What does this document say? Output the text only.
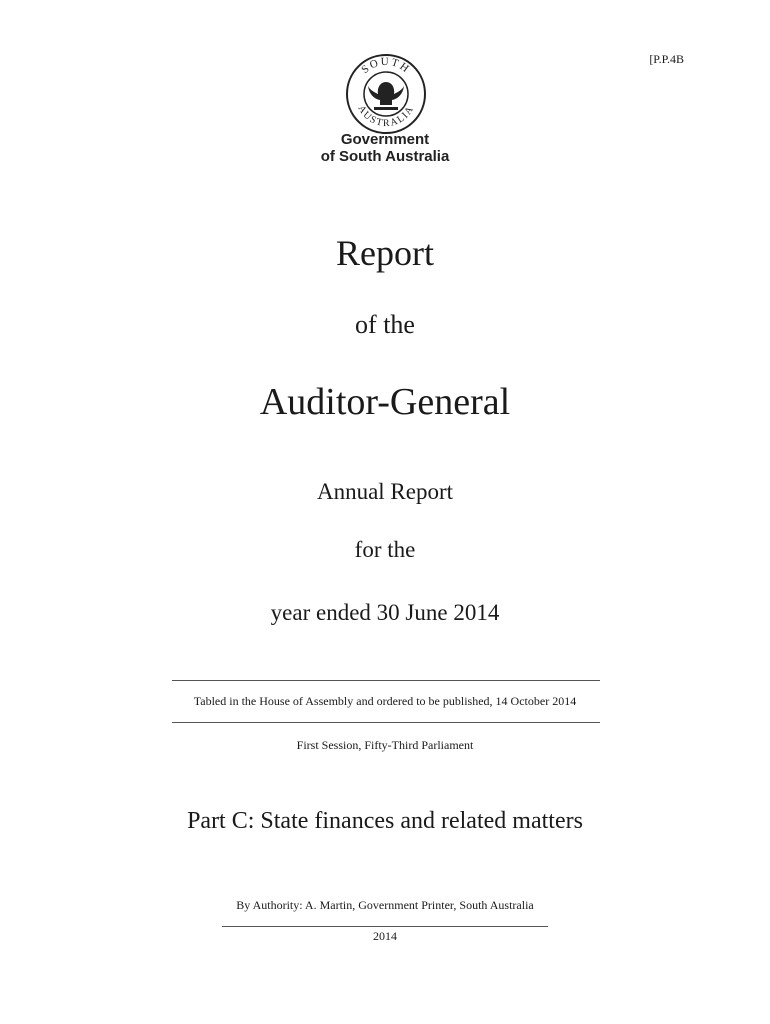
[P.P.4B
SOUTH
AUSTRALIA
Government
of South Australia
Report
of the
Auditor-General
Annual Report
for the
year ended 30 June 2014
Tabled in the House of Assembly and ordered to be published, 14 October 2014
First Session, Fifty-Third Parliament
Part C: State finances and related matters
By Authority: A. Martin, Government Printer, South Australia
2014
